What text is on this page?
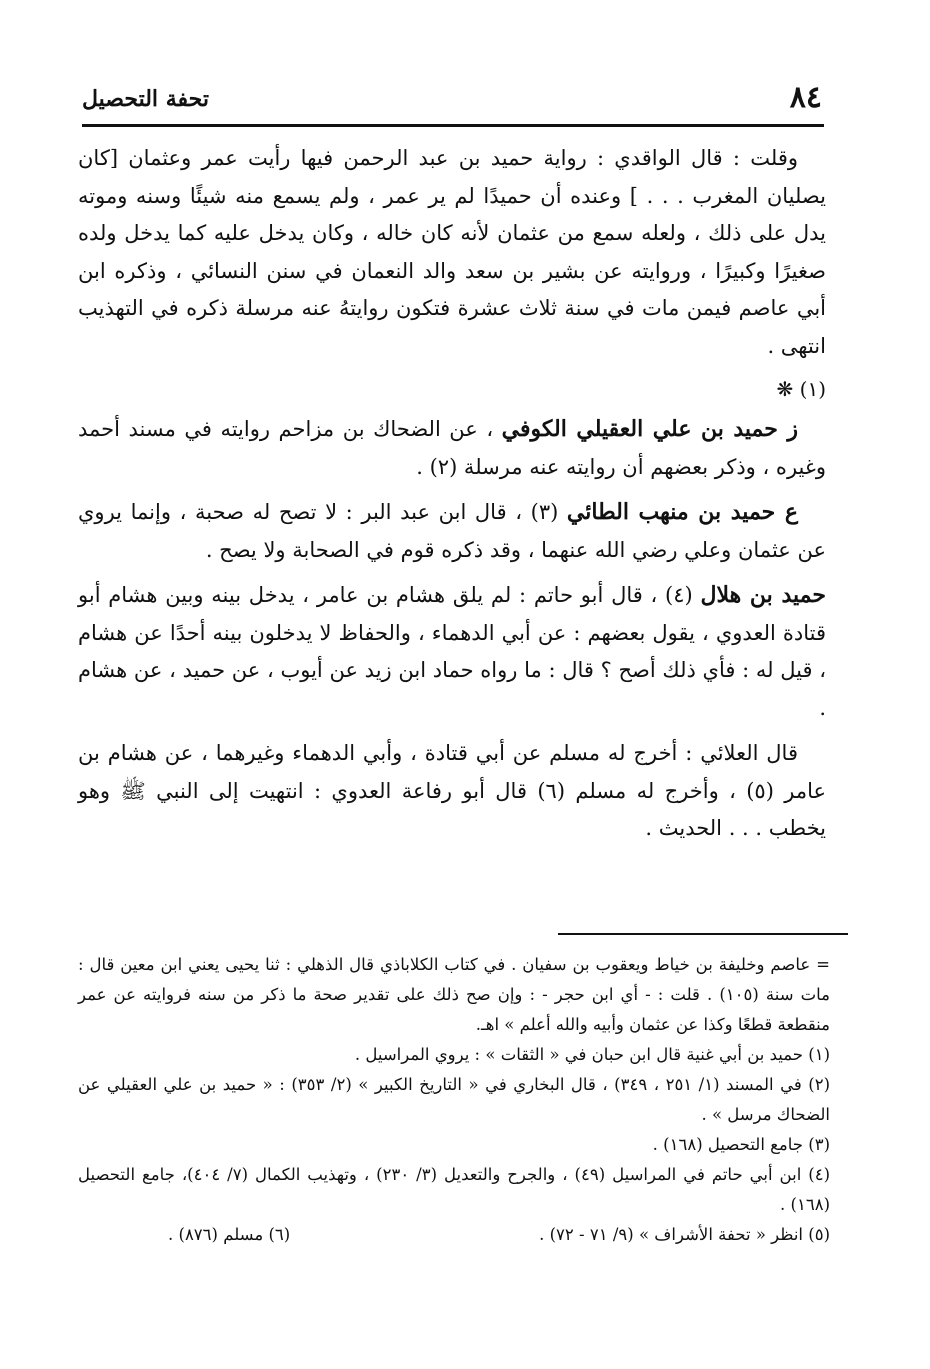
٨٤
تحفة التحصيل

وقلت : قال الواقدي : رواية حميد بن عبد الرحمن فيها رأيت عمر وعثمان [كان يصليان المغرب . . . ] وعنده أن حميدًا لم ير عمر ، ولم يسمع منه شيئًا وسنه وموته يدل على ذلك ، ولعله سمع من عثمان لأنه كان خاله ، وكان يدخل عليه كما يدخل ولده صغيرًا وكبيرًا ، وروايته عن بشير بن سعد والد النعمان في سنن النسائي ، وذكره ابن أبي عاصم فيمن مات في سنة ثلاث عشرة فتكون روايتهُ عنه مرسلة ذكره في التهذيب انتهى .

(١) ❋

ز حميد بن علي العقيلي الكوفي ، عن الضحاك بن مزاحم روايته في مسند أحمد وغيره ، وذكر بعضهم أن روايته عنه مرسلة (٢) .

ع حميد بن منهب الطائي (٣) ، قال ابن عبد البر : لا تصح له صحبة ، وإنما يروي عن عثمان وعلي رضي الله عنهما ، وقد ذكره قوم في الصحابة ولا يصح .

حميد بن هلال (٤) ، قال أبو حاتم : لم يلق هشام بن عامر ، يدخل بينه وبين هشام أبو قتادة العدوي ، يقول بعضهم : عن أبي الدهماء ، والحفاظ لا يدخلون بينه أحدًا عن هشام ، قيل له : فأي ذلك أصح ؟ قال : ما رواه حماد ابن زيد عن أيوب ، عن حميد ، عن هشام .

قال العلائي : أخرج له مسلم عن أبي قتادة ، وأبي الدهماء وغيرهما ، عن هشام بن عامر (٥) ، وأخرج له مسلم (٦) قال أبو رفاعة العدوي : انتهيت إلى النبي ﷺ وهو يخطب . . . الحديث .

= عاصم وخليفة بن خياط ويعقوب بن سفيان . في كتاب الكلاباذي قال الذهلي : ثنا يحيى يعني ابن معين قال : مات سنة (١٠٥) . قلت : - أي ابن حجر - : وإن صح ذلك على تقدير صحة ما ذكر من سنه فروايته عن عمر منقطعة قطعًا وكذا عن عثمان وأبيه والله أعلم » اهـ.

(١) حميد بن أبي غنية قال ابن حبان في « الثقات » : يروي المراسيل .

(٢) في المسند (١/ ٢٥١ ، ٣٤٩) ، قال البخاري في « التاريخ الكبير » (٢/ ٣٥٣) : « حميد بن علي العقيلي عن الضحاك مرسل » .

(٣) جامع التحصيل (١٦٨) .

(٤) ابن أبي حاتم في المراسيل (٤٩) ، والجرح والتعديل (٣/ ٢٣٠) ، وتهذيب الكمال (٧/ ٤٠٤)، جامع التحصيل (١٦٨) .

(٥) انظر « تحفة الأشراف » (٩/ ٧١ - ٧٢) .
(٦) مسلم (٨٧٦) .
